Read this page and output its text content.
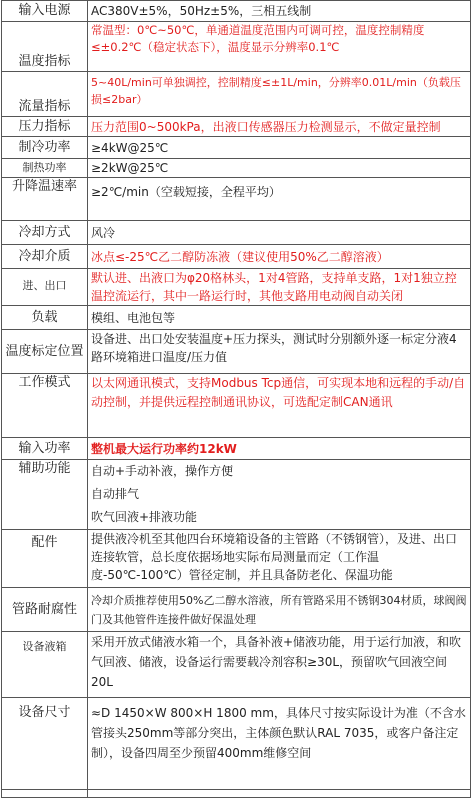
输入电源	AC380V±5%，50Hz±5%，三相五线制
温度指标	常温型：0℃~50℃，单通道温度范围内可调可控，温度控制精度≤±0.2℃（稳定状态下），温度显示分辨率0.1℃

流量指标	5~40L/min可单独调控，控制精度≤±1L/min，分辨率0.01L/min（负载压损≤2bar）

压力指标	压力范围0~500kPa，出液口传感器压力检测显示，不做定量控制
制冷功率	≥4kW@25℃
制热功率	≥2kW@25℃
升降温速率	≥2℃/min（空载短接，全程平均）
冷却方式	风冷
冷却介质	冰点≤-25℃乙二醇防冻液（建议使用50%乙二醇溶液）
进、出口	默认进、出液口为φ20格林头，1对4管路，支持单支路，1对1独立控温控流运行，其中一路运行时，其他支路用电动阀自动关闭
负载	模组、电池包等
温度标定位置	设备进、出口处安装温度+压力探头，测试时分别额外逐一标定分液4路环境箱进口温度/压力值
工作模式	以太网通讯模式，支持Modbus Tcp通信，可实现本地和远程的手动/自动控制，并提供远程控制通讯协议，可选配定制CAN通讯
输入功率	整机最大运行功率约12kW
辅助功能	自动+手动补液，操作方便
自动排气
吹气回液+排液功能

配件	提供液冷机至其他四台环境箱设备的主管路（不锈钢管），及进、出口连接软管，总长度依据场地实际布局测量而定（工作温度-50℃-100℃）管径定制，并且具备防老化、保温功能
管路耐腐性	冷却介质推荐使用50%乙二醇水溶液，所有管路采用不锈钢304材质，球阀阀门及其他管件连接件做好保温处理
设备液箱	采用开放式储液水箱一个，具备补液+储液功能，用于运行加液，和吹气回液、储液，设备运行需要载冷剂容积≥30L，预留吹气回液空间20L
设备尺寸	≈D 1450×W 800×H 1800 mm，具体尺寸按实际设计为准（不含水管接头250mm等部分突出，主体颜色默认RAL 7035，或客户备注定制），设备四周至少预留400mm维修空间
